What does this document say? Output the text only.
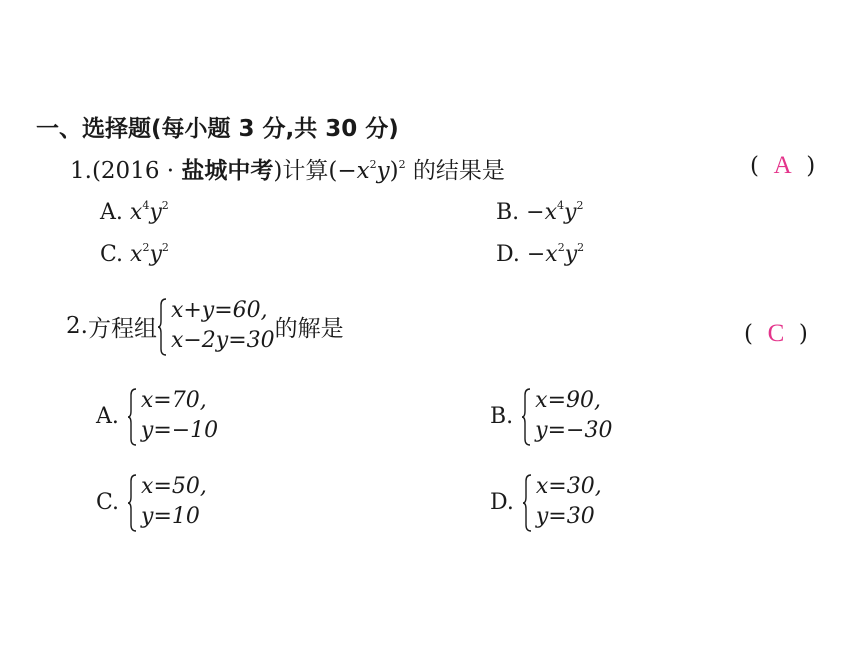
一、选择题(每小题 3 分,共 30 分)
1.(2016 · 盐城中考)计算$(-x^2y)^2$ 的结果是	(  A  )
A. $x^4y^2$	B. $-x^4y^2$
C. $x^2y^2$	D. $-x^2y^2$
2. 方程组
x+y=60,
x−2y=30 的解是	(  C  )
A.
x=70,
y=−10
B.
x=90,
y=−30
C.
x=50,
y=10
D.
x=30,
y=30
